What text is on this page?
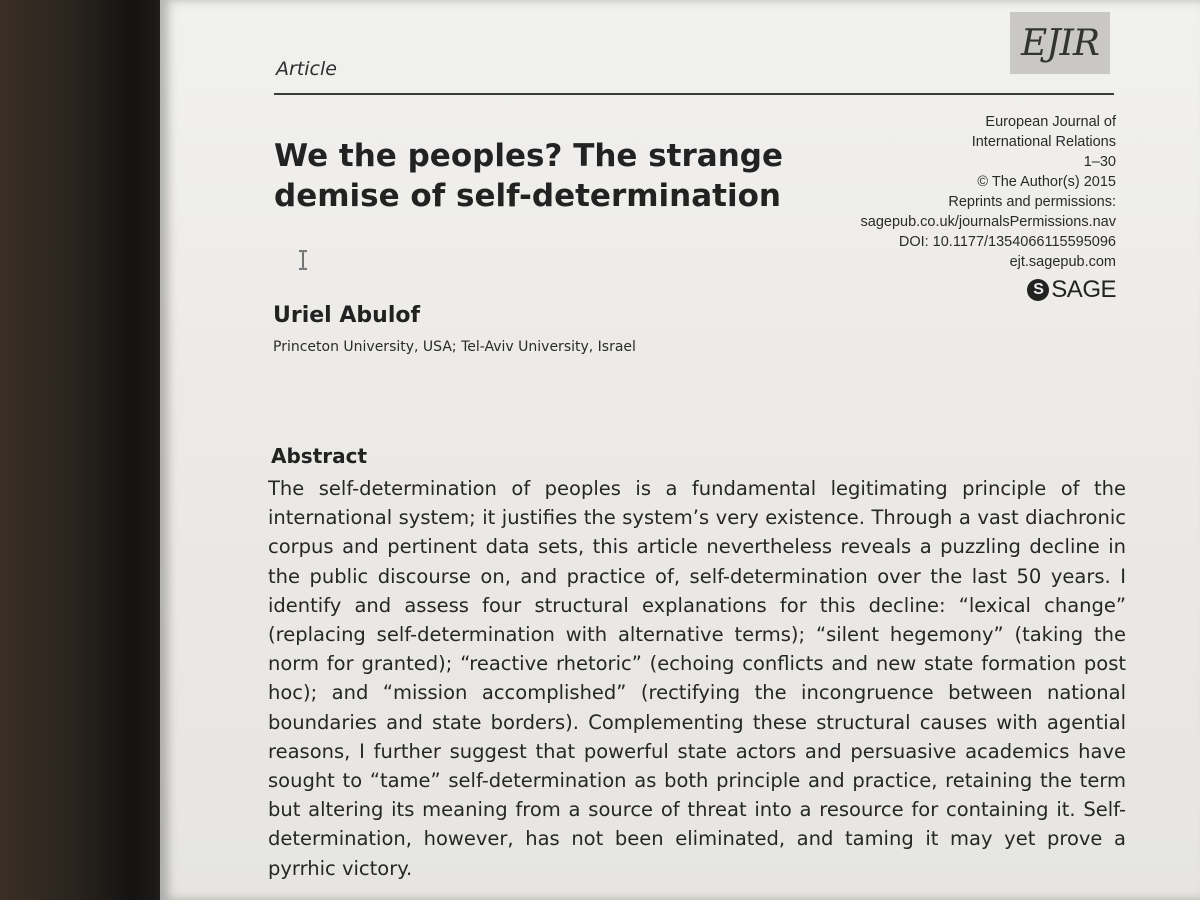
EJIR
Article
We the peoples? The strange demise of self-determination
European Journal of
International Relations
1–30
© The Author(s) 2015
Reprints and permissions:
sagepub.co.uk/journalsPermissions.nav
DOI: 10.1177/1354066115595096
ejt.sagepub.com
S SAGE
Uriel Abulof
Princeton University, USA; Tel-Aviv University, Israel
Abstract

The self-determination of peoples is a fundamental legitimating principle of the international system; it justifies the system’s very existence. Through a vast diachronic corpus and pertinent data sets, this article nevertheless reveals a puzzling decline in the public discourse on, and practice of, self-determination over the last 50 years. I identify and assess four structural explanations for this decline: “lexical change” (replacing self-determination with alternative terms); “silent hegemony” (taking the norm for granted); “reactive rhetoric” (echoing conflicts and new state formation post hoc); and “mission accomplished” (rectifying the incongruence between national boundaries and state borders). Complementing these structural causes with agential reasons, I further suggest that powerful state actors and persuasive academics have sought to “tame” self-determination as both principle and practice, retaining the term but altering its meaning from a source of threat into a resource for containing it. Self-determination, however, has not been eliminated, and taming it may yet prove a pyrrhic victory.
